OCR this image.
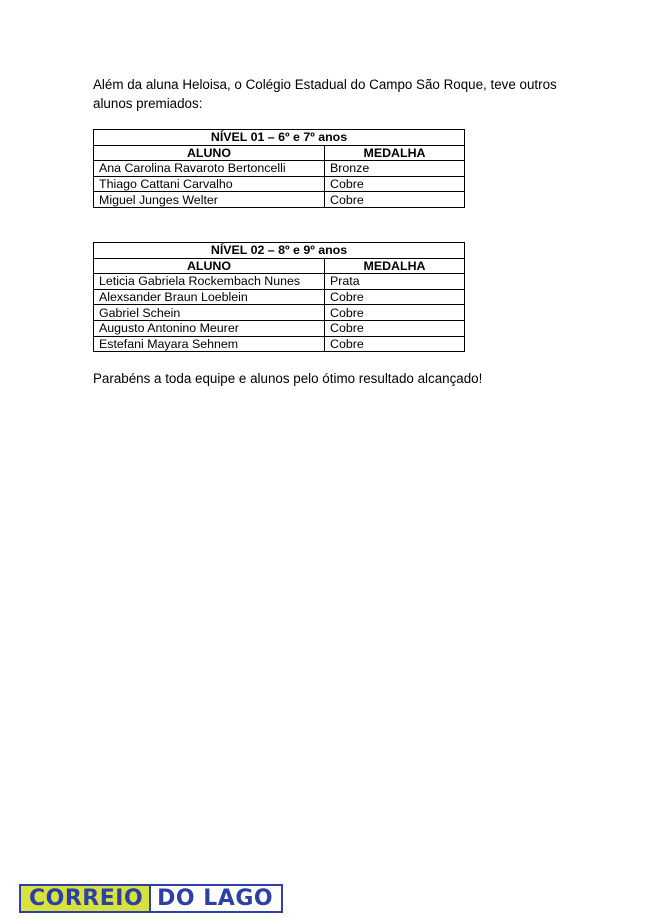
Além da aluna Heloisa, o Colégio Estadual do Campo São Roque, teve outros alunos premiados:

NÍVEL 01 – 6º e 7º anos	
ALUNO	MEDALHA
Ana Carolina Ravaroto Bertoncelli	Bronze
Thiago Cattani Carvalho	Cobre
Miguel Junges Welter	Cobre
NÍVEL 02 – 8º e 9º anos	
ALUNO	MEDALHA
Leticia Gabriela Rockembach Nunes	Prata
Alexsander Braun Loeblein	Cobre
Gabriel Schein	Cobre
Augusto Antonino Meurer	Cobre
Estefani Mayara Sehnem	Cobre

Parabéns a toda equipe e alunos pelo ótimo resultado alcançado!

CORREIO DO LAGO
